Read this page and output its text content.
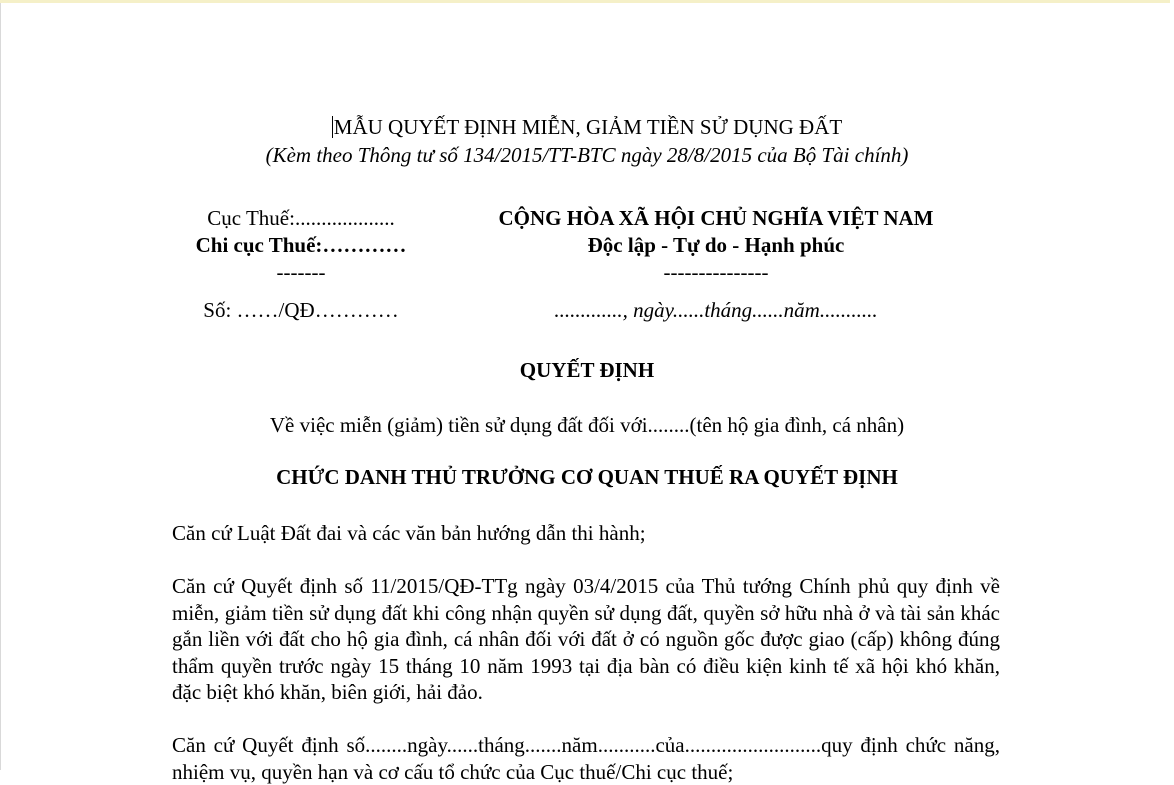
MẪU QUYẾT ĐỊNH MIỄN, GIẢM TIỀN SỬ DỤNG ĐẤT
(Kèm theo Thông tư số 134/2015/TT-BTC ngày 28/8/2015 của Bộ Tài chính)
Cục Thuế:...................
Chi cục Thuế:…………
-------
Số: ……/QĐ…………
CỘNG HÒA XÃ HỘI CHỦ NGHĨA VIỆT NAM
Độc lập - Tự do - Hạnh phúc
---------------
............., ngày......tháng......năm...........
QUYẾT ĐỊNH
Về việc miễn (giảm) tiền sử dụng đất đối với........(tên hộ gia đình, cá nhân)
CHỨC DANH THỦ TRƯỞNG CƠ QUAN THUẾ RA QUYẾT ĐỊNH
Căn cứ Luật Đất đai và các văn bản hướng dẫn thi hành;
Căn cứ Quyết định số 11/2015/QĐ-TTg ngày 03/4/2015 của Thủ tướng Chính phủ quy định về miễn, giảm tiền sử dụng đất khi công nhận quyền sử dụng đất, quyền sở hữu nhà ở và tài sản khác gắn liền với đất cho hộ gia đình, cá nhân đối với đất ở có nguồn gốc được giao (cấp) không đúng thẩm quyền trước ngày 15 tháng 10 năm 1993 tại địa bàn có điều kiện kinh tế xã hội khó khăn, đặc biệt khó khăn, biên giới, hải đảo.
Căn cứ Quyết định số........ngày......tháng.......năm...........của..........................quy định chức năng, nhiệm vụ, quyền hạn và cơ cấu tổ chức của Cục thuế/Chi cục thuế;
